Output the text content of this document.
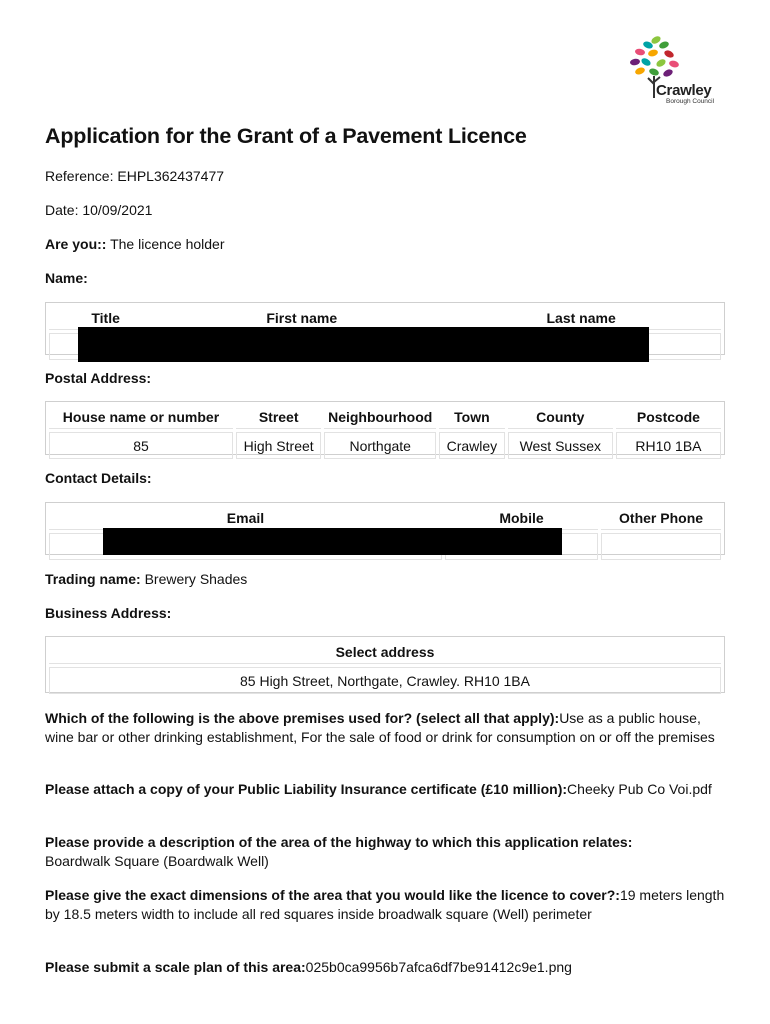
Crawley
Borough Council
Application for the Grant of a Pavement Licence
Reference: EHPL362437477
Date: 10/09/2021
Are you:: The licence holder
Name:
Title	First name	Last name

Postal Address:
House name or number	Street	Neighbourhood	Town	County	Postcode
85	High Street	Northgate	Crawley	West Sussex	RH10 1BA
Contact Details:
Email	Mobile	Other Phone

Trading name: Brewery Shades
Business Address:
Select address
85 High Street, Northgate, Crawley. RH10 1BA
Which of the following is the above premises used for? (select all that apply):Use as a public house, wine bar or other drinking establishment, For the sale of food or drink for consumption on or off the premises
Please attach a copy of your Public Liability Insurance certificate (£10 million):Cheeky Pub Co Voi.pdf
Please provide a description of the area of the highway to which this application relates:
Boardwalk Square (Boardwalk Well)
Please give the exact dimensions of the area that you would like the licence to cover?:19 meters length by 18.5 meters width to include all red squares inside broadwalk square (Well) perimeter
Please submit a scale plan of this area:025b0ca9956b7afca6df7be91412c9e1.png
